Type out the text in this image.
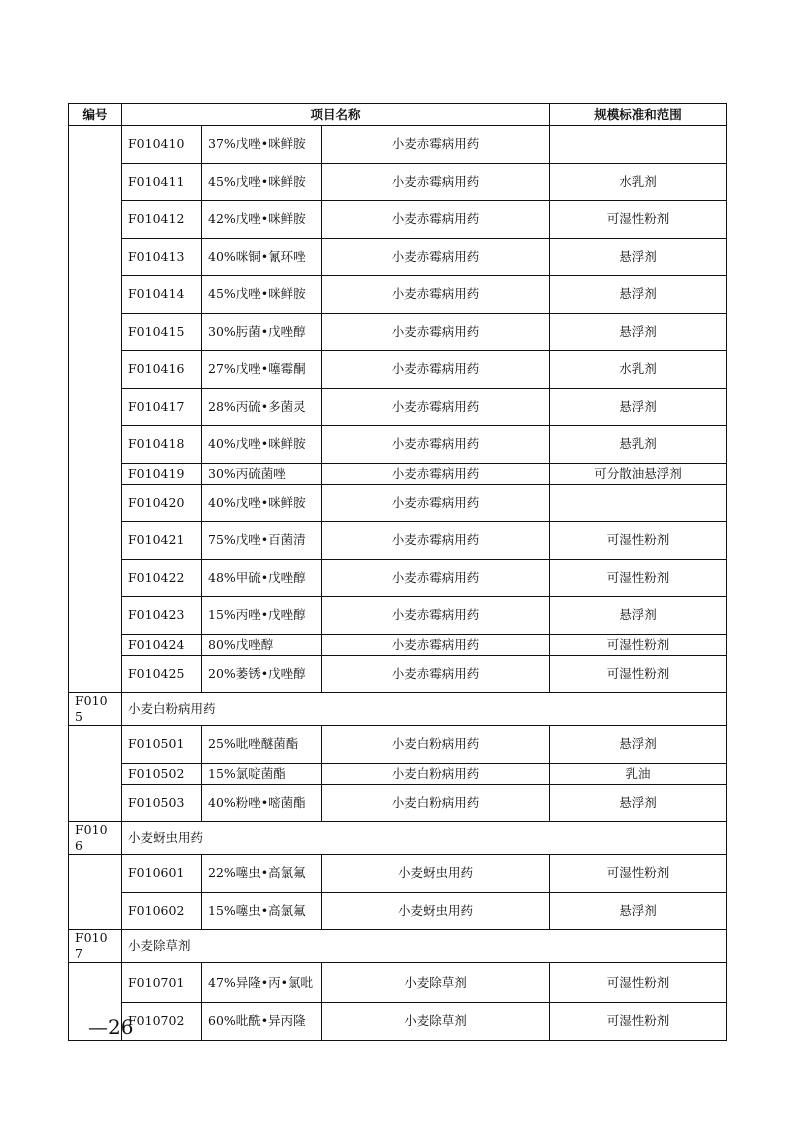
编号	项目名称			规模标准和范围
	F010410	37%戊唑•咪鲜胺	小麦赤霉病用药	
	F010411	45%戊唑•咪鲜胺	小麦赤霉病用药	水乳剂
	F010412	42%戊唑•咪鲜胺	小麦赤霉病用药	可湿性粉剂
	F010413	40%咪铜•氰环唑	小麦赤霉病用药	悬浮剂
	F010414	45%戊唑•咪鲜胺	小麦赤霉病用药	悬浮剂
	F010415	30%肟菌•戊唑醇	小麦赤霉病用药	悬浮剂
	F010416	27%戊唑•噻霉酮	小麦赤霉病用药	水乳剂
	F010417	28%丙硫•多菌灵	小麦赤霉病用药	悬浮剂
	F010418	40%戊唑•咪鲜胺	小麦赤霉病用药	悬乳剂
	F010419	30%丙硫菌唑	小麦赤霉病用药	可分散油悬浮剂
	F010420	40%戊唑•咪鲜胺	小麦赤霉病用药	
	F010421	75%戊唑•百菌清	小麦赤霉病用药	可湿性粉剂
	F010422	48%甲硫•戊唑醇	小麦赤霉病用药	可湿性粉剂
	F010423	15%丙唑•戊唑醇	小麦赤霉病用药	悬浮剂
	F010424	80%戊唑醇	小麦赤霉病用药	可湿性粉剂
	F010425	20%萎锈•戊唑醇	小麦赤霉病用药	可湿性粉剂
F0105	小麦白粉病用药			
	F010501	25%吡唑醚菌酯	小麦白粉病用药	悬浮剂
	F010502	15%氯啶菌酯	小麦白粉病用药	乳油
	F010503	40%粉唑•嘧菌酯	小麦白粉病用药	悬浮剂
F0106	小麦蚜虫用药			
	F010601	22%噻虫•高氯氟	小麦蚜虫用药	可湿性粉剂
	F010602	15%噻虫•高氯氟	小麦蚜虫用药	悬浮剂
F0107	小麦除草剂			
	F010701	47%异隆•丙•氯吡	小麦除草剂	可湿性粉剂
	F010702	60%吡酰•异丙隆	小麦除草剂	可湿性粉剂
—26
